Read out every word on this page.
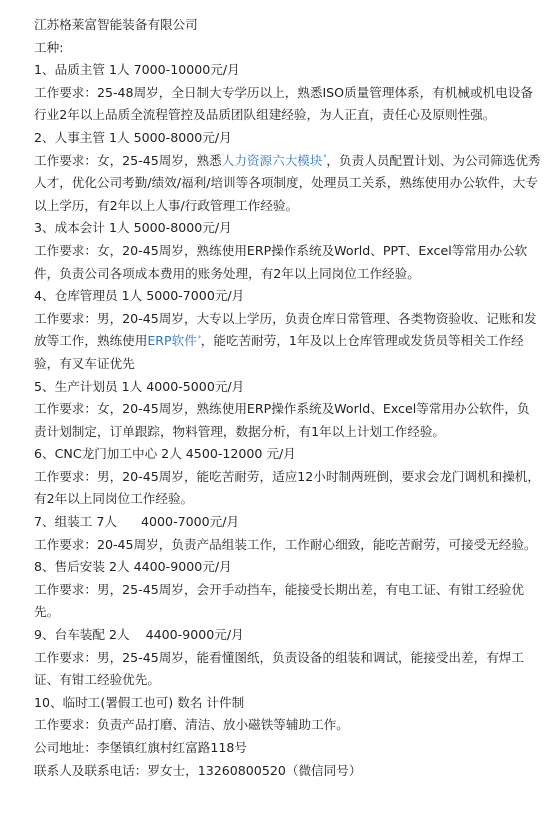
江苏格莱富智能装备有限公司

工种:

1、品质主管 1人 7000-10000元/月

工作要求：25-48周岁，全日制大专学历以上，熟悉ISO质量管理体系，有机械或机电设备行业2年以上品质全流程管控及品质团队组建经验，为人正直，责任心及原则性强。

2、人事主管 1人 5000-8000元/月

工作要求：女，25-45周岁，熟悉人力资源六大模块$^ᵠ$，负责人员配置计划、为公司筛选优秀人才，优化公司考勤/绩效/福利/培训等各项制度，处理员工关系，熟练使用办公软件，大专以上学历，有2年以上人事/行政管理工作经验。

3、成本会计 1人 5000-8000元/月

工作要求：女，20-45周岁，熟练使用ERP操作系统及World、PPT、Excel等常用办公软件，负责公司各项成本费用的账务处理，有2年以上同岗位工作经验。

4、仓库管理员 1人 5000-7000元/月

工作要求：男，20-45周岁，大专以上学历，负责仓库日常管理、各类物资验收、记账和发放等工作，熟练使用ERP软件$^ᵠ$，能吃苦耐劳，1年及以上仓库管理或发货员等相关工作经验，有叉车证优先

5、生产计划员 1人 4000-5000元/月

工作要求：女，20-45周岁，熟练使用ERP操作系统及World、Excel等常用办公软件，负责计划制定，订单跟踪，物料管理，数据分析，有1年以上计划工作经验。

6、CNC龙门加工中心 2人 4500-12000 元/月

工作要求：男，20-45周岁，能吃苦耐劳，适应12小时制两班倒，要求会龙门调机和操机，有2年以上同岗位工作经验。

7、组装工 7人      4000-7000元/月

工作要求：20-45周岁，负责产品组装工作，工作耐心细致，能吃苦耐劳，可接受无经验。

8、售后安装 2人 4400-9000元/月

工作要求：男，25-45周岁，会开手动挡车，能接受长期出差，有电工证、有钳工经验优先。

9、台车装配 2人    4400-9000元/月

工作要求：男，25-45周岁，能看懂图纸，负责设备的组装和调试，能接受出差，有焊工证、有钳工经验优先。

10、临时工(署假工也可) 数名 计件制

工作要求：负责产品打磨、清洁、放小磁铁等辅助工作。

公司地址：李堡镇红旗村红富路118号

联系人及联系电话：罗女士，13260800520（微信同号）
